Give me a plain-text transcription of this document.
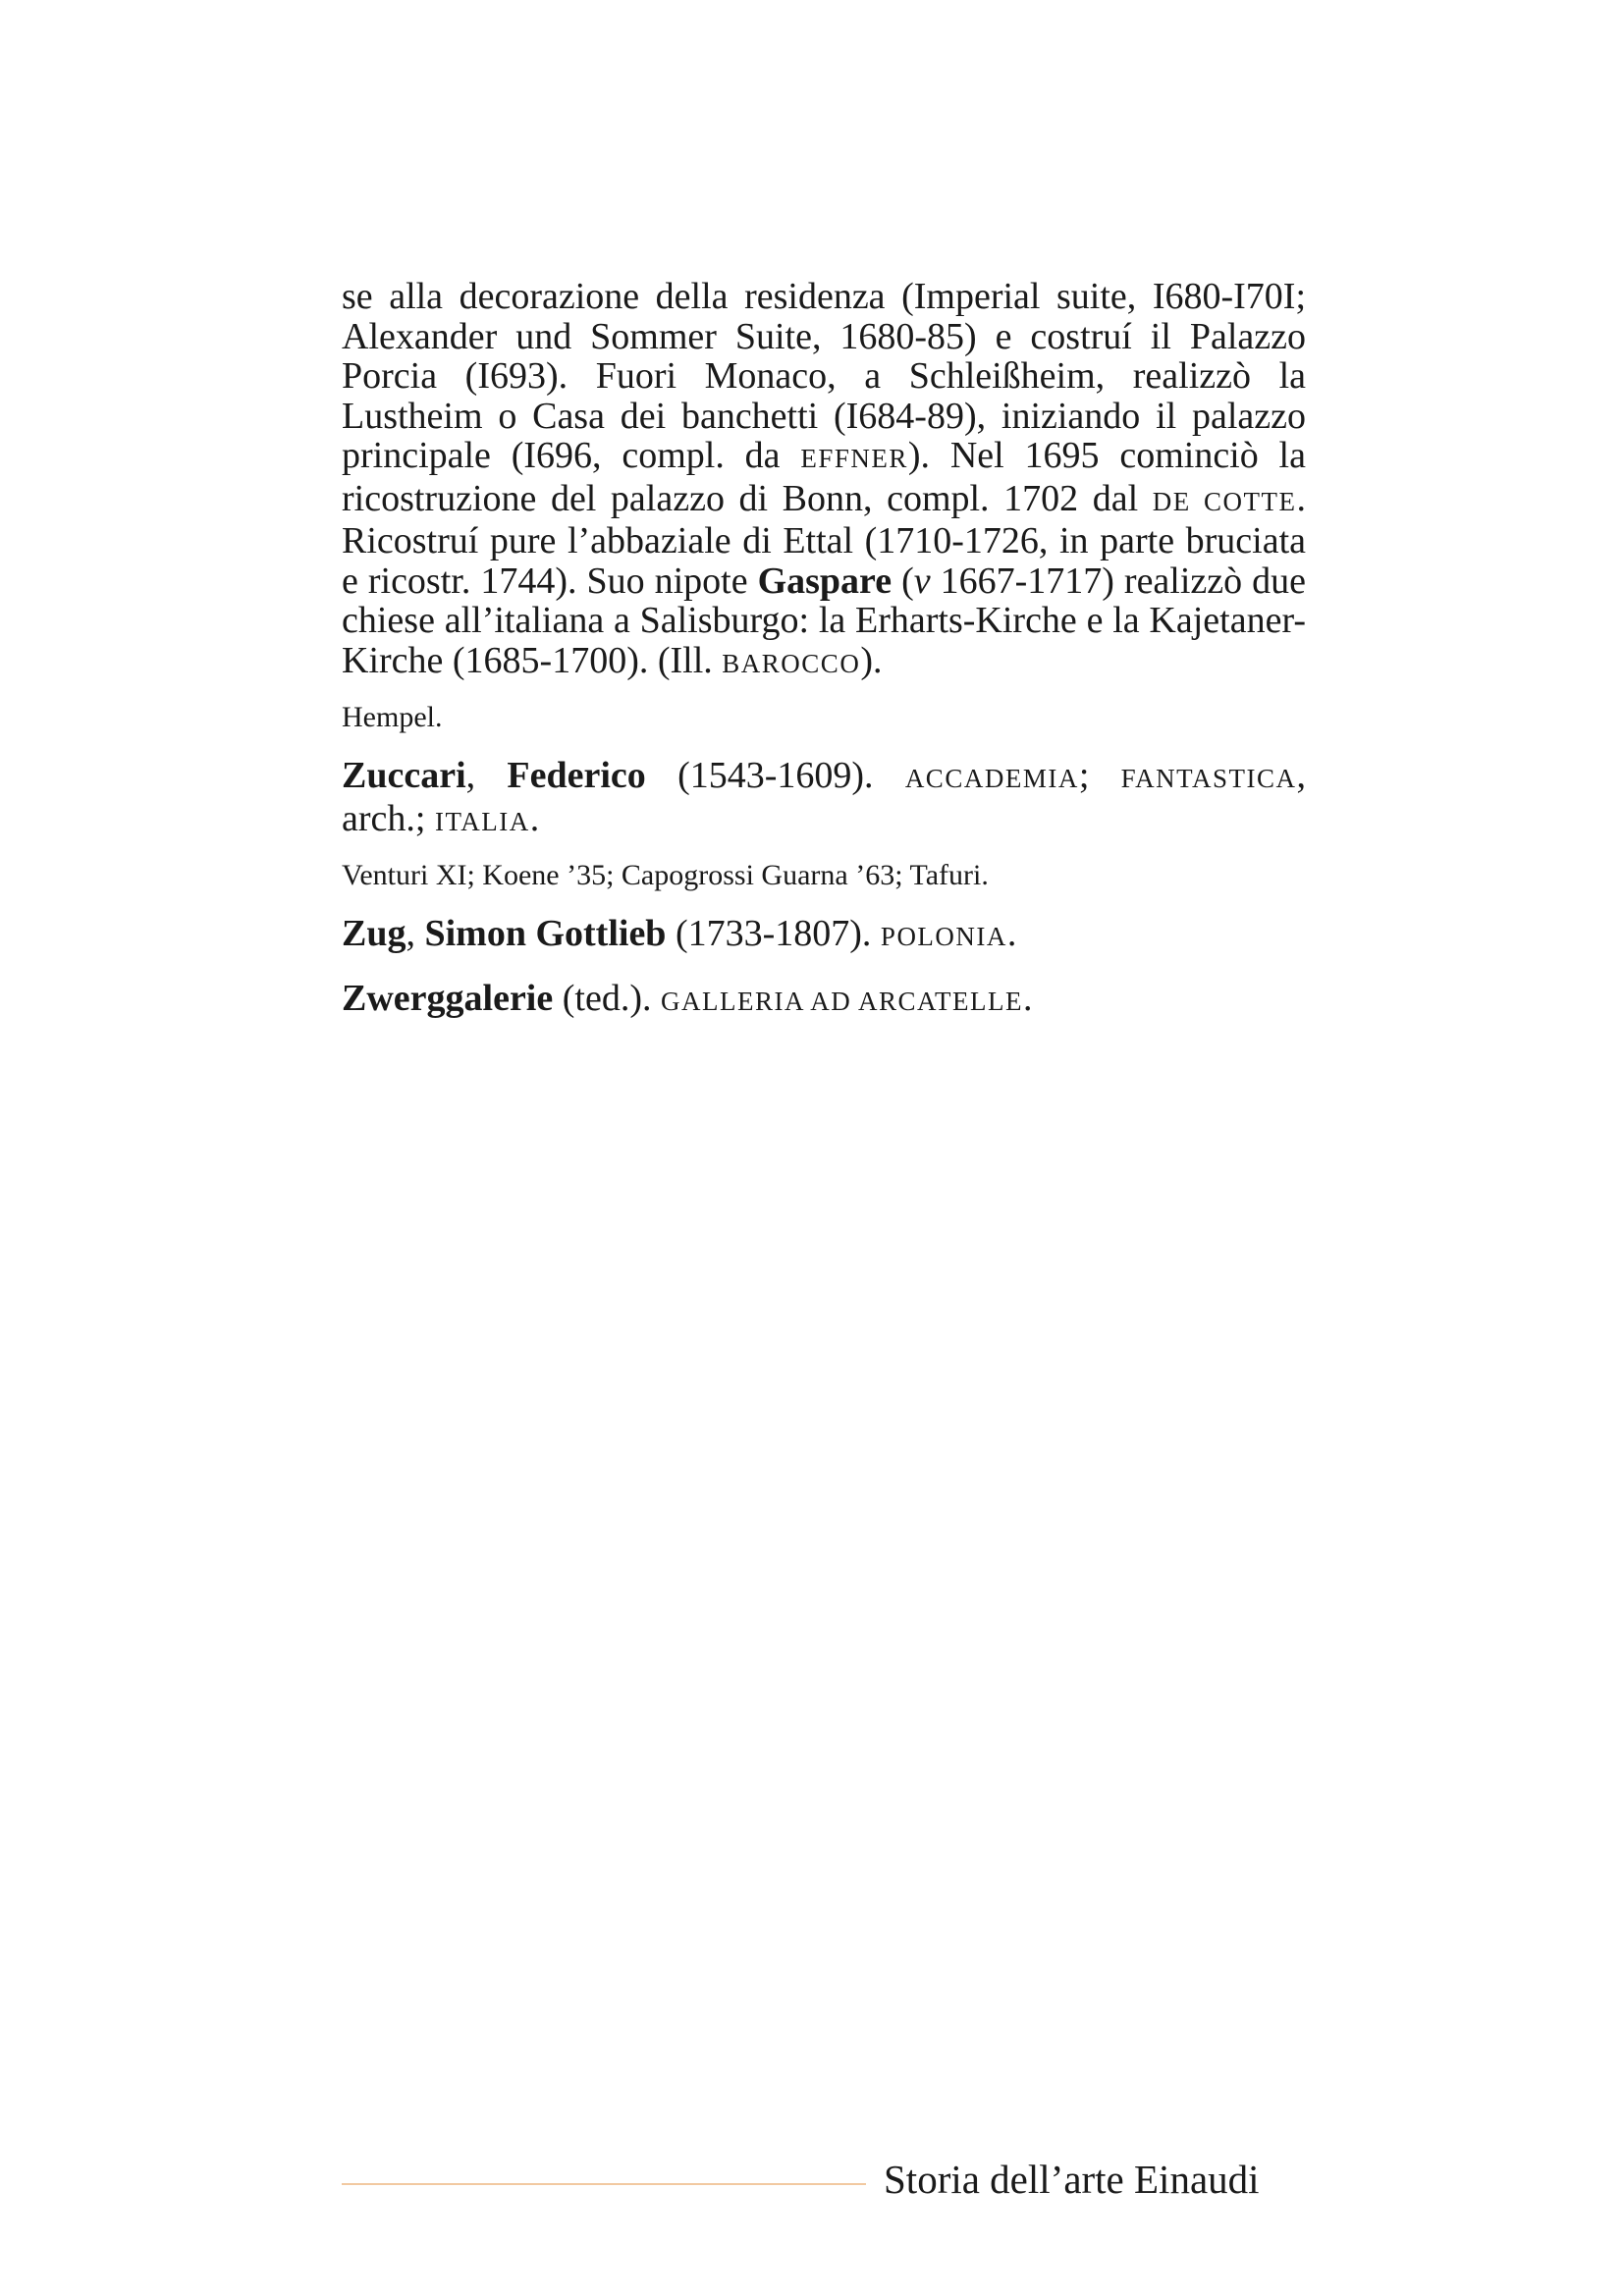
se alla decorazione della residenza (Imperial suite, I680-I70I; Alexander und Sommer Suite, 1680-85) e costruí il Palazzo Porcia (I693). Fuori Monaco, a Schleißheim, realizzò la Lustheim o Casa dei banchetti (I684-89), iniziando il palazzo principale (I696, compl. da EFFNER). Nel 1695 cominciò la ricostruzione del palazzo di Bonn, compl. 1702 dal DE COTTE. Ricostruí pure l’abbaziale di Ettal (1710-1726, in parte bruciata e ricostr. 1744). Suo nipote Gaspare (v 1667-1717) realizzò due chiese all’italiana a Salisburgo: la Erharts-Kirche e la Kajetaner-Kirche (1685-1700). (Ill. BAROCCO).

Hempel.

Zuccari, Federico (1543-1609). ACCADEMIA; FANTASTICA, arch.; ITALIA.

Venturi XI; Koene ’35; Capogrossi Guarna ’63; Tafuri.

Zug, Simon Gottlieb (1733-1807). POLONIA.

Zwerggalerie (ted.). GALLERIA AD ARCATELLE.

Storia dell’arte Einaudi
